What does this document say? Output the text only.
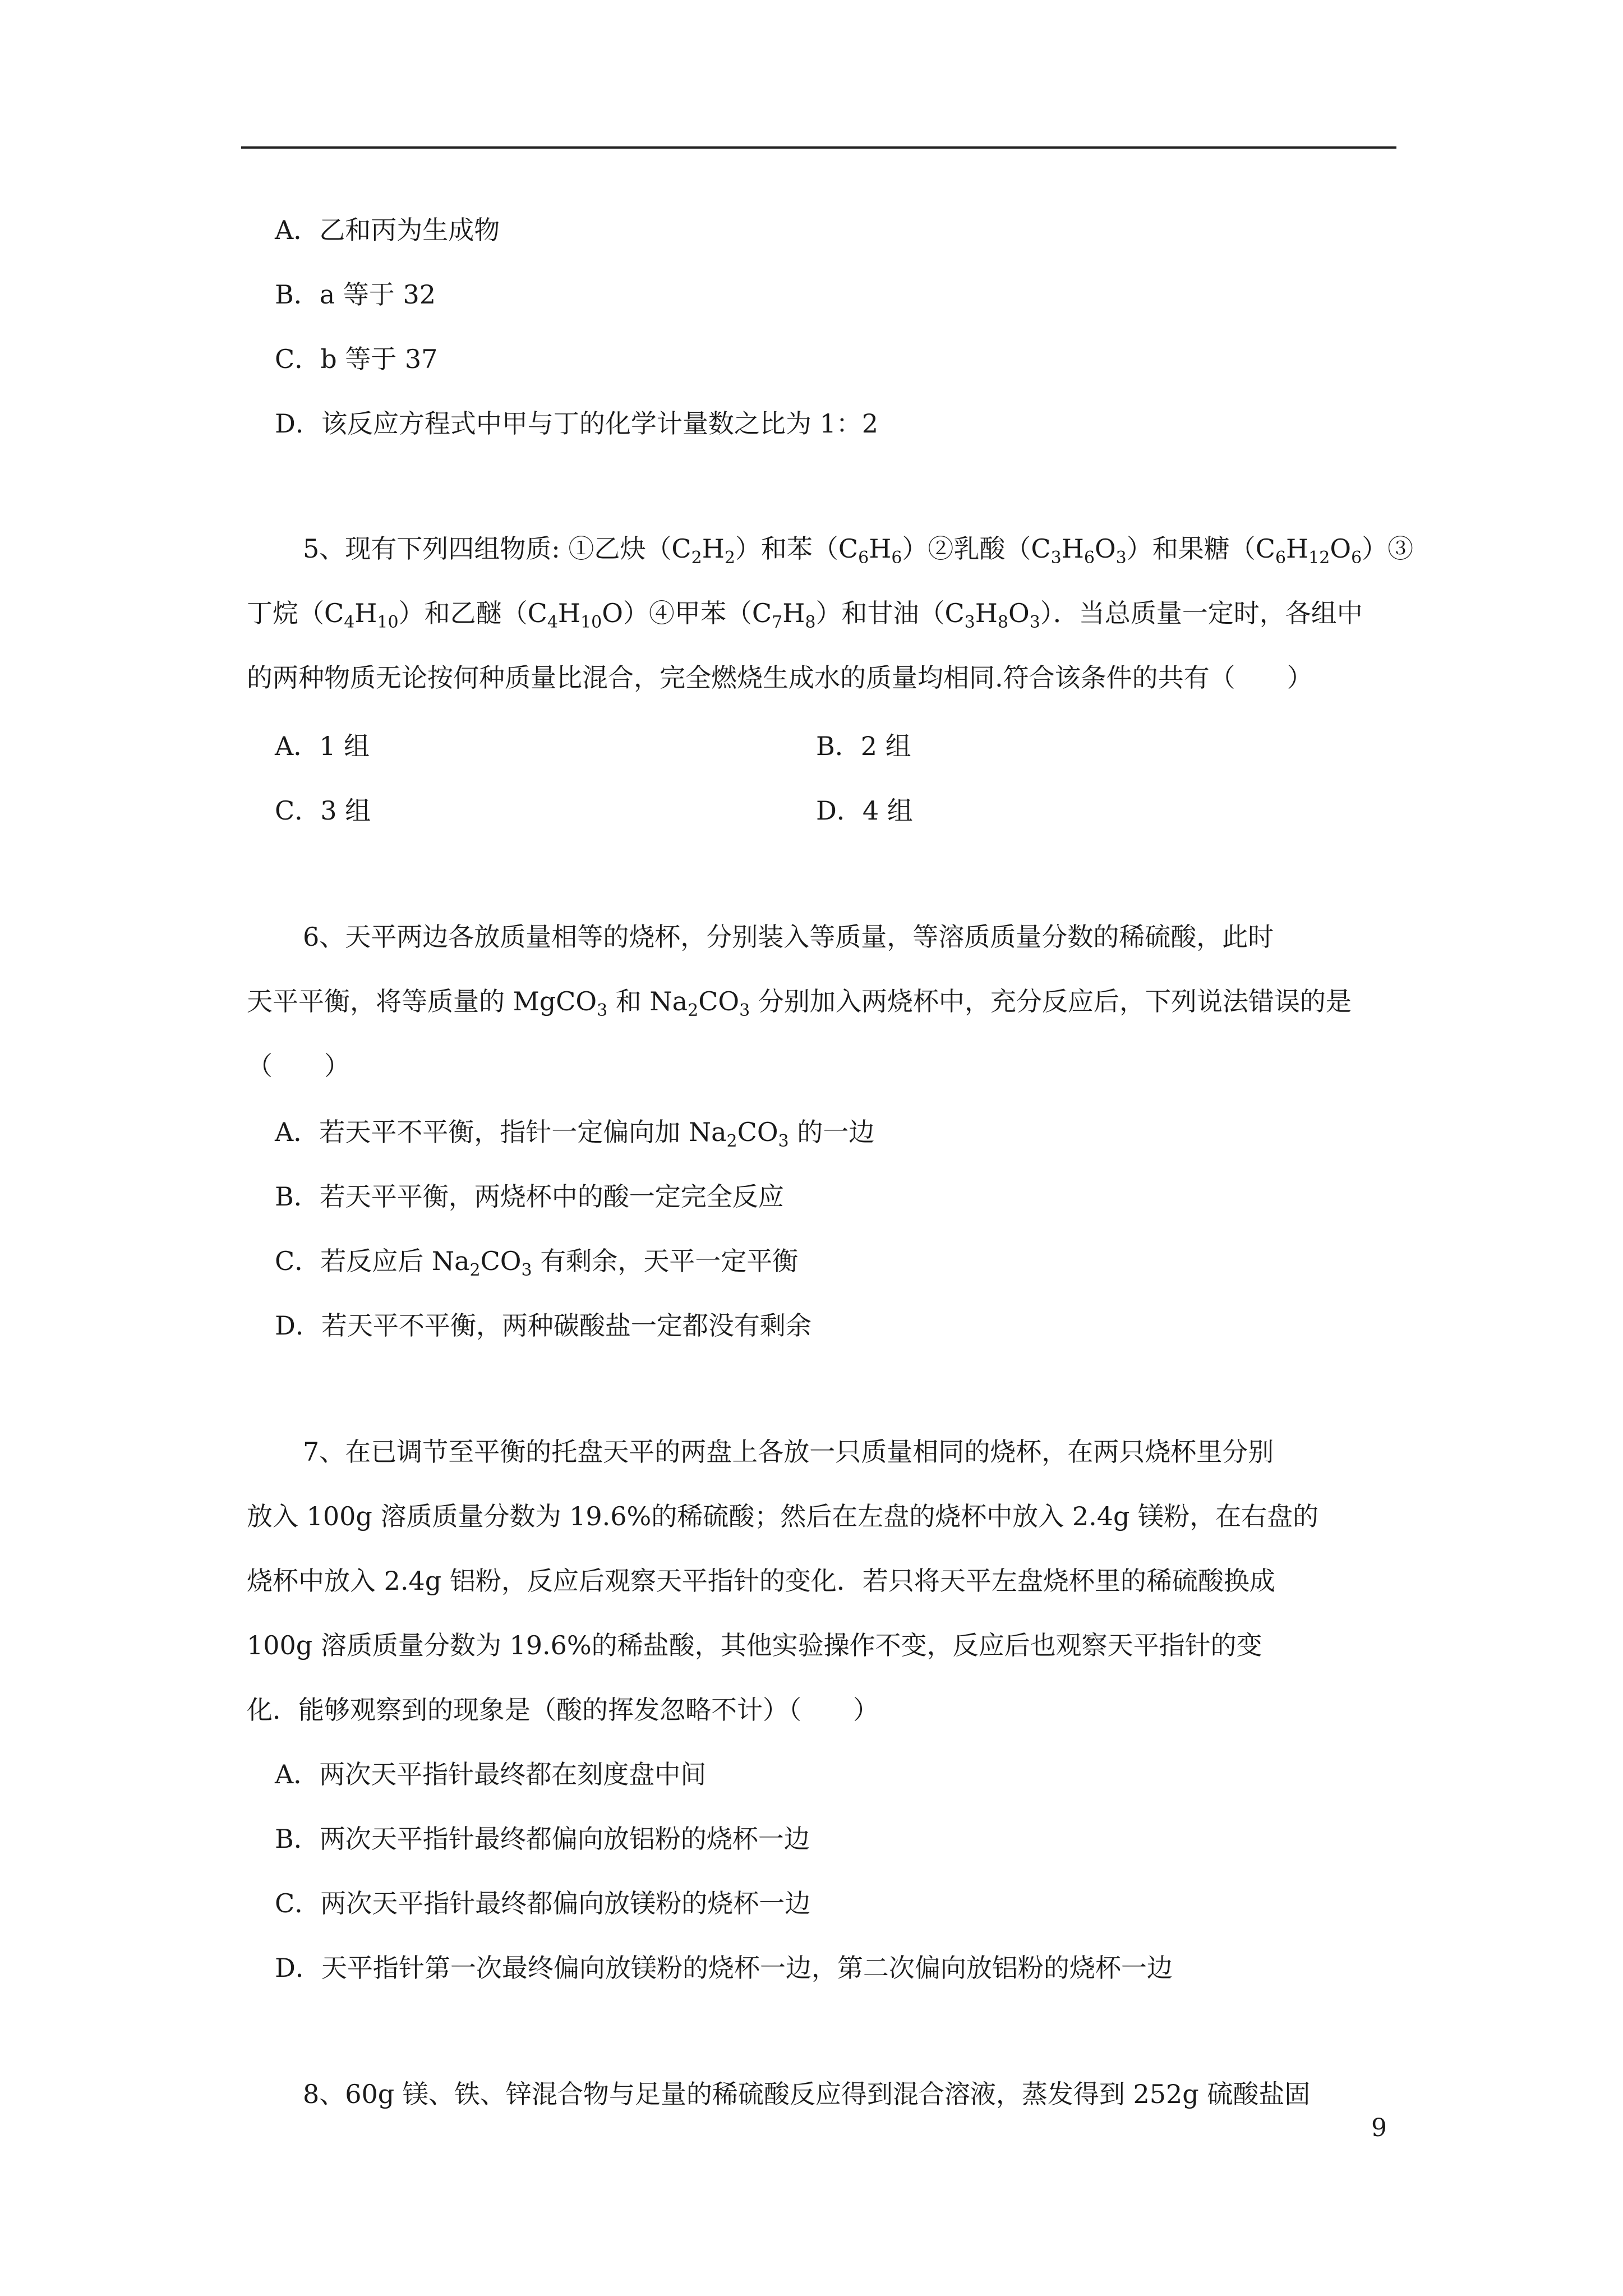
A．乙和丙为生成物

B．a 等于 32

C．b 等于 37

D．该反应方程式中甲与丁的化学计量数之比为 1：2

5、现有下列四组物质: ①乙炔$(C_2H_2)$和苯$(C_6H_6)②$乳酸$(C_3H_6O_3)$和果糖$(C_6H_{12}O_6)③$

丁烷$(C_4H_{10})$和乙醚$(C_4H_{10}O)④$甲苯$(C_7H_8)$和甘油$(C_3H_8O_3)$．当总质量一定时，各组中

的两种物质无论按何种质量比混合，完全燃烧生成水的质量均相同.符合该条件的共有（　　）

A．1 组	B．2 组

C．3 组	D．4 组

6、天平两边各放质量相等的烧杯，分别装入等质量，等溶质质量分数的稀硫酸，此时

天平平衡，将等质量的 MgCO$_3$ 和 $Na_2CO_3$ 分别加入两烧杯中，充分反应后，下列说法错误的是

（　　）

A．若天平不平衡，指针一定偏向加 $Na_2CO_3$ 的一边

B．若天平平衡，两烧杯中的酸一定完全反应

C．若反应后 $Na_2CO_3$ 有剩余，天平一定平衡

D．若天平不平衡，两种碳酸盐一定都没有剩余

7、在已调节至平衡的托盘天平的两盘上各放一只质量相同的烧杯，在两只烧杯里分别

放入 100g 溶质质量分数为 19.6%的稀硫酸；然后在左盘的烧杯中放入 2.4g 镁粉，在右盘的

烧杯中放入 2.4g 铝粉，反应后观察天平指针的变化．若只将天平左盘烧杯里的稀硫酸换成

100g 溶质质量分数为 19.6%的稀盐酸，其他实验操作不变，反应后也观察天平指针的变

化．能够观察到的现象是（酸的挥发忽略不计）（　　）

A．两次天平指针最终都在刻度盘中间

B．两次天平指针最终都偏向放铝粉的烧杯一边

C．两次天平指针最终都偏向放镁粉的烧杯一边

D．天平指针第一次最终偏向放镁粉的烧杯一边，第二次偏向放铝粉的烧杯一边

8、60g 镁、铁、锌混合物与足量的稀硫酸反应得到混合溶液，蒸发得到 252g 硫酸盐固

9
